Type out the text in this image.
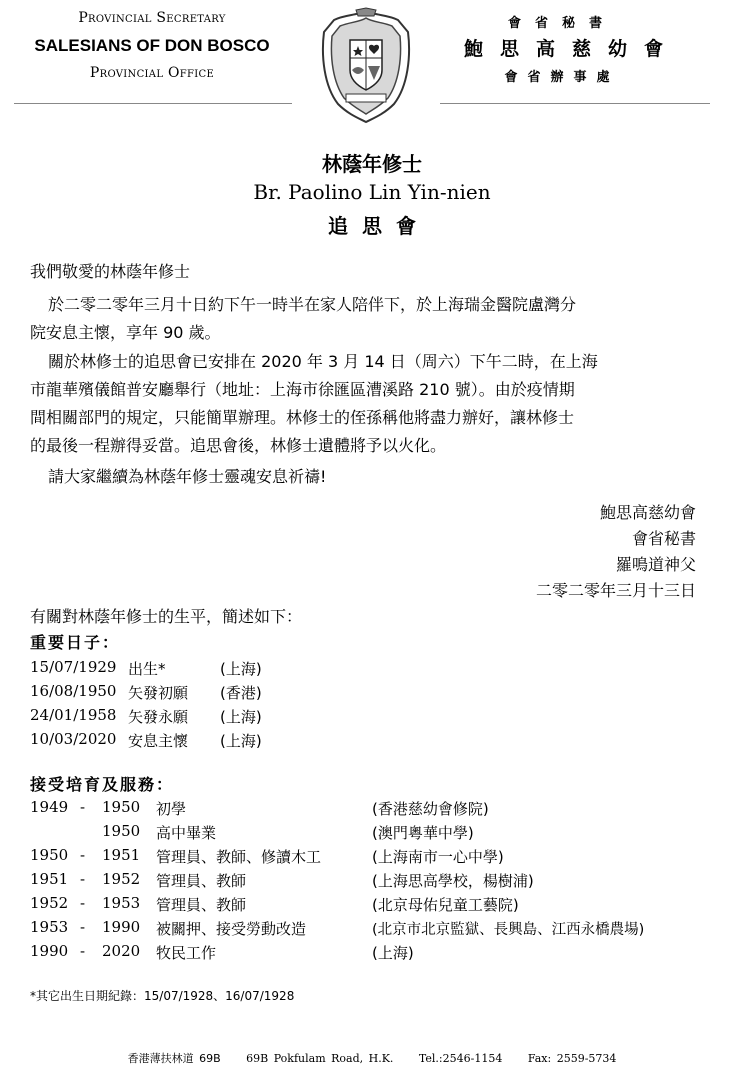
Provincial Secretary
SALESIANS OF DON BOSCO
Provincial Office
會省秘書
鮑思高慈幼會
會省辦事處
林蔭年修士
Br. Paolino Lin Yin-nien
追思會
我們敬愛的林蔭年修士
於二零二零年三月十日約下午一時半在家人陪伴下，於上海瑞金醫院盧灣分
院安息主懷，享年 90 歲。
關於林修士的追思會已安排在 2020 年 3 月 14 日（周六）下午二時，在上海
市龍華殯儀館普安廳舉行（地址：上海市徐匯區漕溪路 210 號）。由於疫情期
間相關部門的規定，只能簡單辦理。林修士的侄孫稱他將盡力辦好，讓林修士
的最後一程辦得妥當。追思會後，林修士遺體將予以火化。
請大家繼續為林蔭年修士靈魂安息祈禱!
鮑思高慈幼會
會省秘書
羅鳴道神父
二零二零年三月十三日
有關對林蔭年修士的生平，簡述如下：
重要日子：
15/07/1929 出生*	(上海)
16/08/1950 矢發初願 (香港)
24/01/1958 矢發永願 (上海)
10/03/2020 安息主懷 (上海)
接受培育及服務：
1949 - 1950 初學	(香港慈幼會修院)
1950 高中畢業	(澳門粵華中學)
1950 - 1951 管理員、教師、修讀木工	(上海南市一心中學)
1951 - 1952 管理員、教師	(上海思高學校，楊樹浦)
1952 - 1953 管理員、教師	(北京母佑兒童工藝院)
1953 - 1990 被關押、接受勞動改造	(北京市北京監獄、長興島、江西永橋農場)
1990 - 2020 牧民工作	(上海)
*其它出生日期紀錄：15/07/1928、16/07/1928
香港薄扶林道 69B 69B Pokfulam Road, H.K. Tel.:2546-1154 Fax: 2559-5734
